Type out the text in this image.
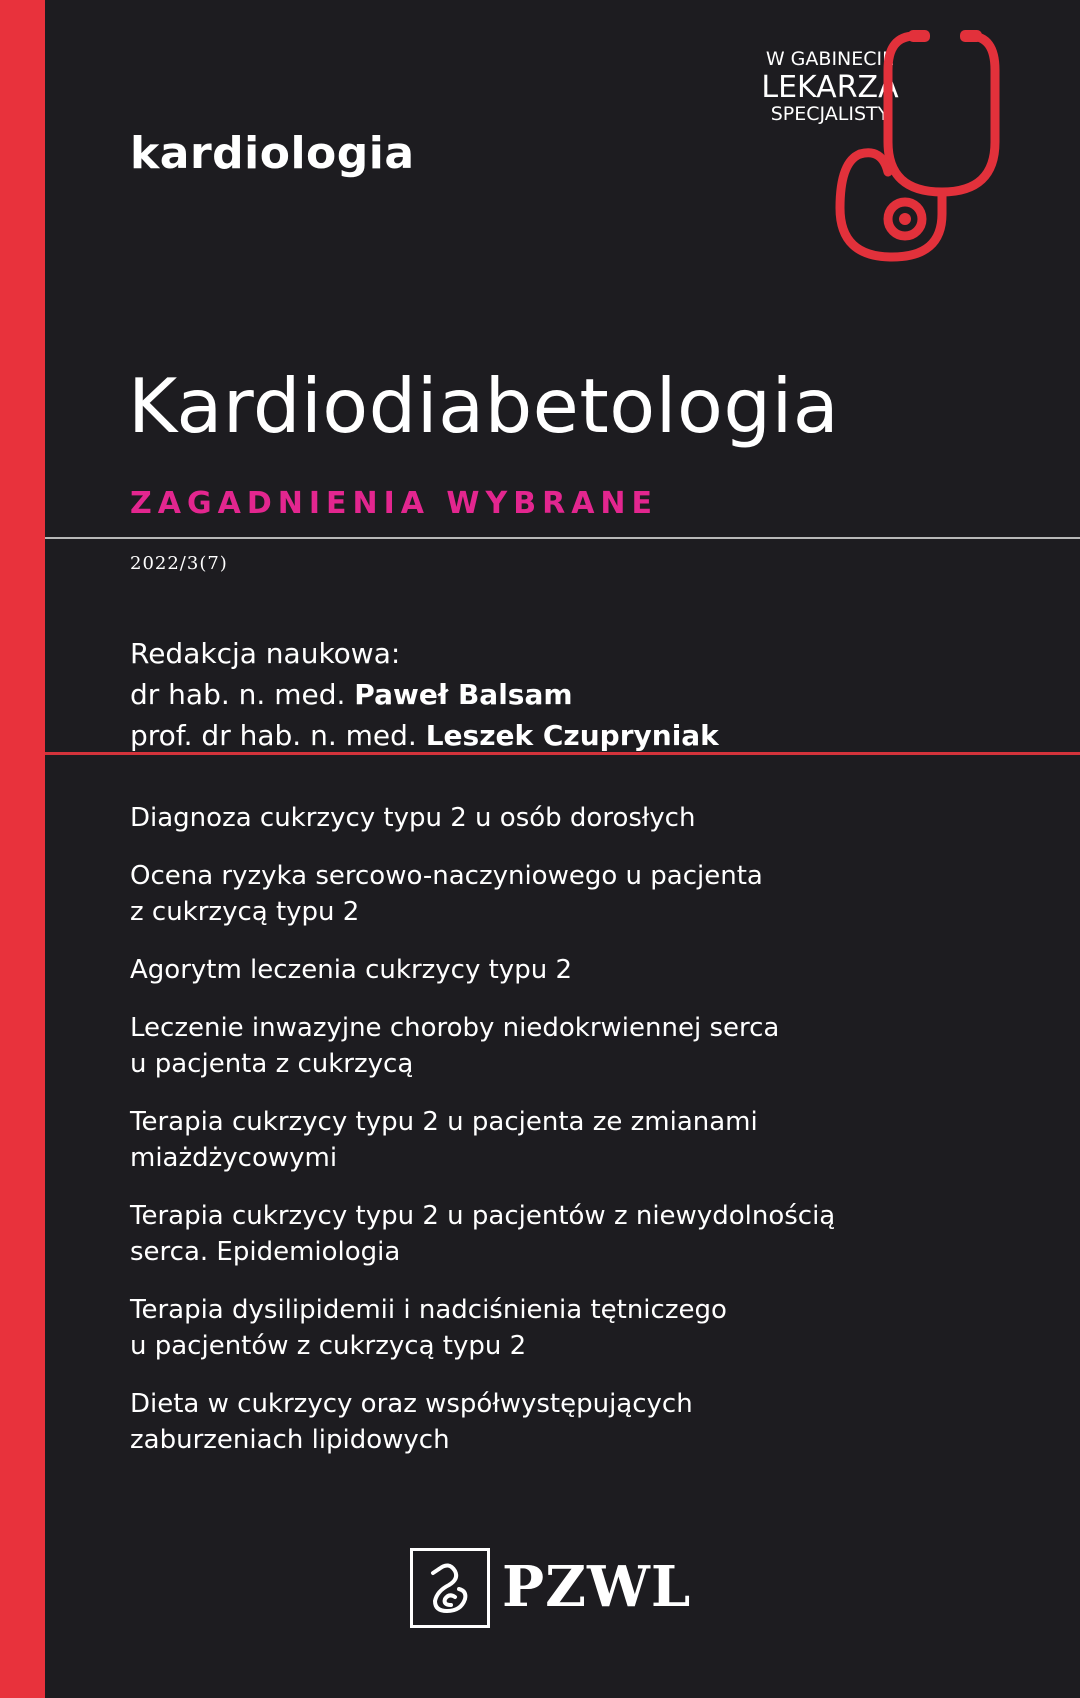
kardiologia
W GABINECIE
LEKARZA
SPECJALISTY
Kardiodiabetologia
ZAGADNIENIA WYBRANE
2022/3(7)
Redakcja naukowa:
dr hab. n. med. Paweł Balsam
prof. dr hab. n. med. Leszek Czupryniak
Diagnoza cukrzycy typu 2 u osób dorosłych
Ocena ryzyka sercowo-naczyniowego u pacjenta
z cukrzycą typu 2
Agorytm leczenia cukrzycy typu 2
Leczenie inwazyjne choroby niedokrwiennej serca
u pacjenta z cukrzycą
Terapia cukrzycy typu 2 u pacjenta ze zmianami
miażdżycowymi
Terapia cukrzycy typu 2 u pacjentów z niewydolnością
serca. Epidemiologia
Terapia dysilipidemii i nadciśnienia tętniczego
u pacjentów z cukrzycą typu 2
Dieta w cukrzycy oraz współwystępujących
zaburzeniach lipidowych
PZWL
